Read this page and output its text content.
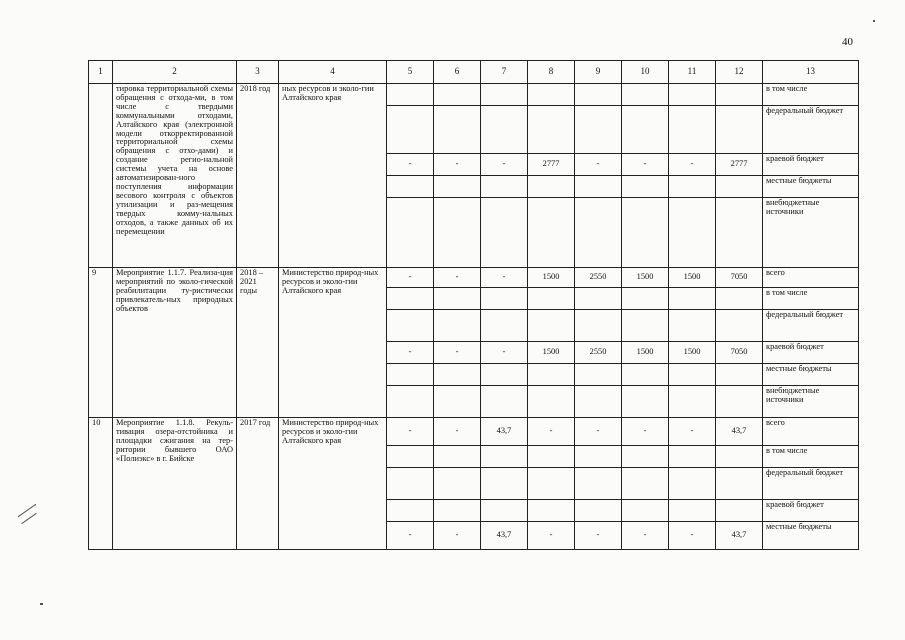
40
1	2	3	4	5	6	7	8	9	10	11	12	13
	тировка территориальной схемы обращения с отхода-ми, в том числе с твердыми коммунальными отходами, Алтайского края (электронной модели откорректированной территориальной схемы обращения с отхо-дами) и создание регио-нальной системы учета на основе автоматизирован-ного поступления информации весового контроля с объектов утилизации и раз-мещения твердых комму-нальных отходов, а также данных об их перемещении	2018 год	ных ресурсов и эколо-гии Алтайского края									в том числе
												федеральный бюджет
				-	-	-	2777	-	-	-	2777	краевой бюджет
												местные бюджеты
												внебюджетные источники
9	Мероприятие 1.1.7. Реализа-ция мероприятий по эколо-гической реабилитации ту-ристически привлекатель-ных природных объектов	2018 – 2021 годы	Министерство природ-ных ресурсов и эколо-гии Алтайского края	-	-	-	1500	2550	1500	1500	7050	всего
												в том числе
												федеральный бюджет
				-	-	-	1500	2550	1500	1500	7050	краевой бюджет
												местные бюджеты
												внебюджетные источники
10	Мероприятие 1.1.8. Рекуль-тивация озера-отстойника и площадки сжигания на тер-ритории бывшего ОАО «Полиэкс» в г. Бийске	2017 год	Министерство природ-ных ресурсов и эколо-гии Алтайского края	-	-	43,7	-	-	-	-	43,7	всего
												в том числе
												федеральный бюджет
												краевой бюджет
				-	-	43,7	-	-	-	-	43,7	местные бюджеты
